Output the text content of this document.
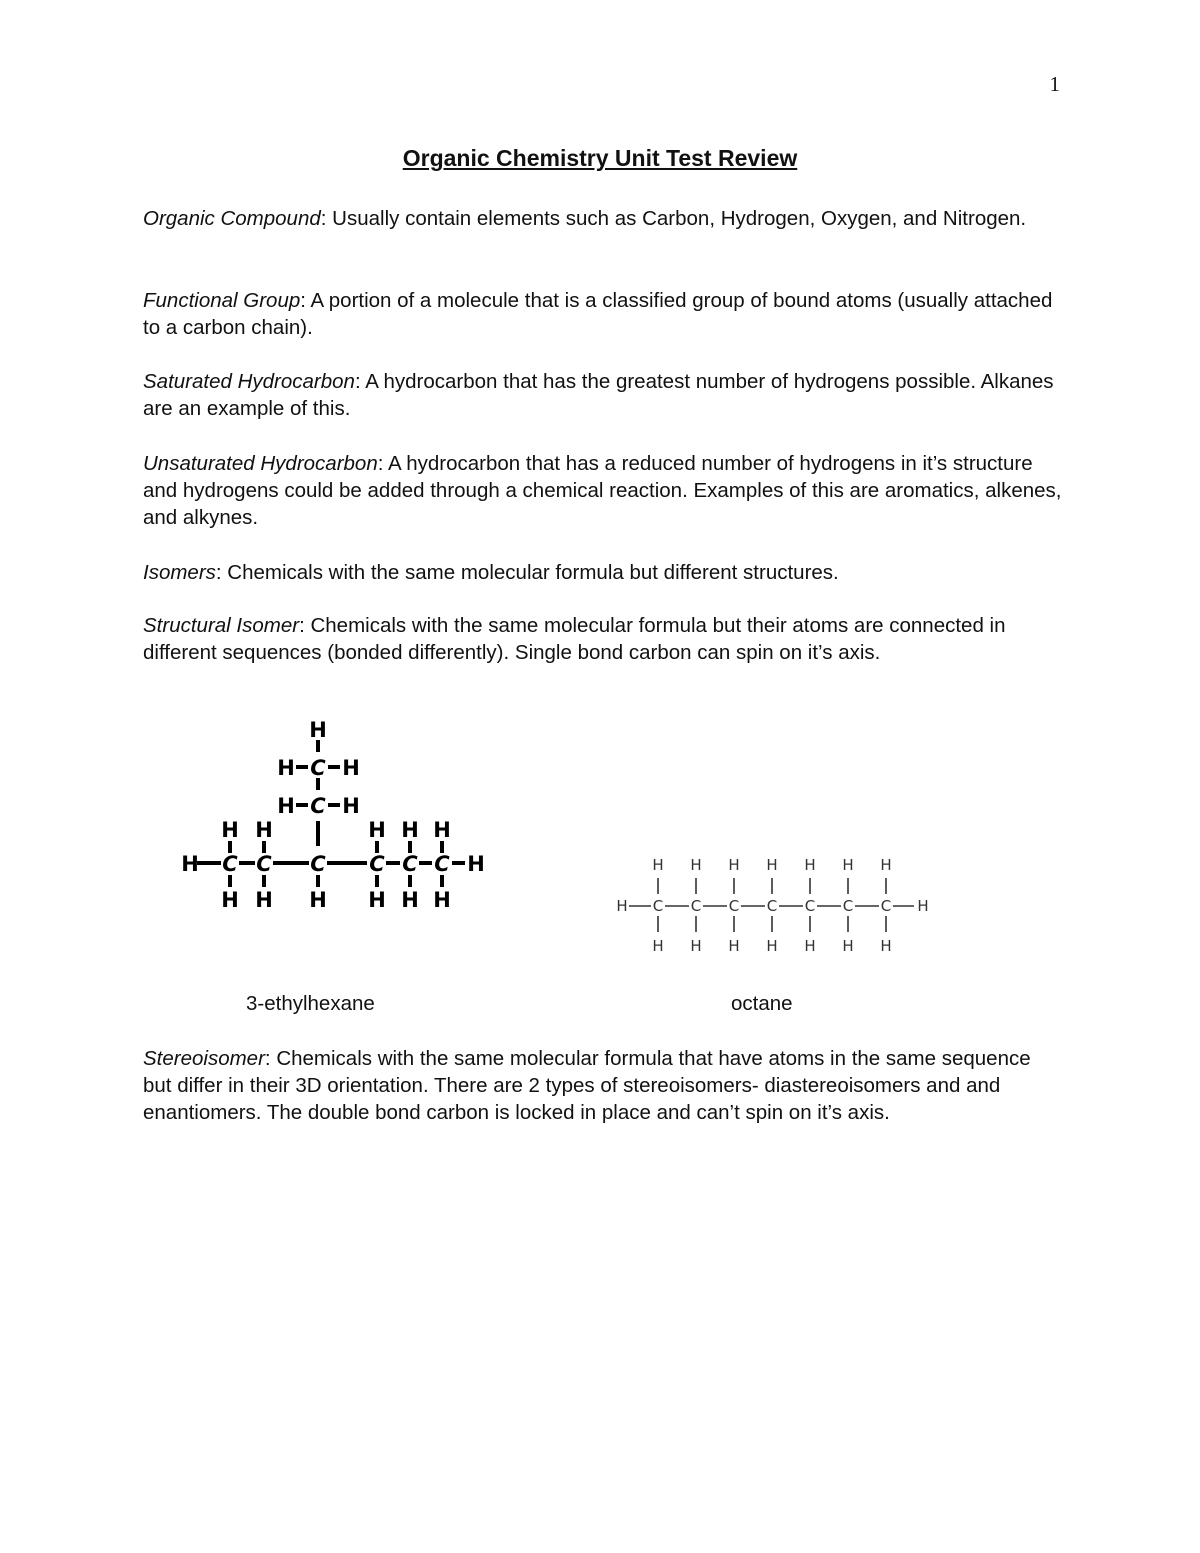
1
Organic Chemistry Unit Test Review
Organic Compound: Usually contain elements such as Carbon, Hydrogen, Oxygen, and Nitrogen.
Functional Group: A portion of a molecule that is a classified group of bound atoms (usually attached to a carbon chain).
Saturated Hydrocarbon: A hydrocarbon that has the greatest number of hydrogens possible. Alkanes are an example of this.
Unsaturated Hydrocarbon: A hydrocarbon that has a reduced number of hydrogens in it’s structure and hydrogens could be added through a chemical reaction. Examples of this are aromatics, alkenes, and alkynes.
Isomers: Chemicals with the same molecular formula but different structures.
Structural Isomer: Chemicals with the same molecular formula but their atoms are connected in different sequences (bonded differently). Single bond carbon can spin on it’s axis.
H
H C H
H C H
H H	H H H
H C C C C C C H
H H H H H H
H H H H H H H
H C C C C C C C H
H H H H H H H
3-ethylhexane	octane
Stereoisomer: Chemicals with the same molecular formula that have atoms in the same sequence but differ in their 3D orientation. There are 2 types of stereoisomers- diastereoisomers and and enantiomers. The double bond carbon is locked in place and can’t spin on it’s axis.
